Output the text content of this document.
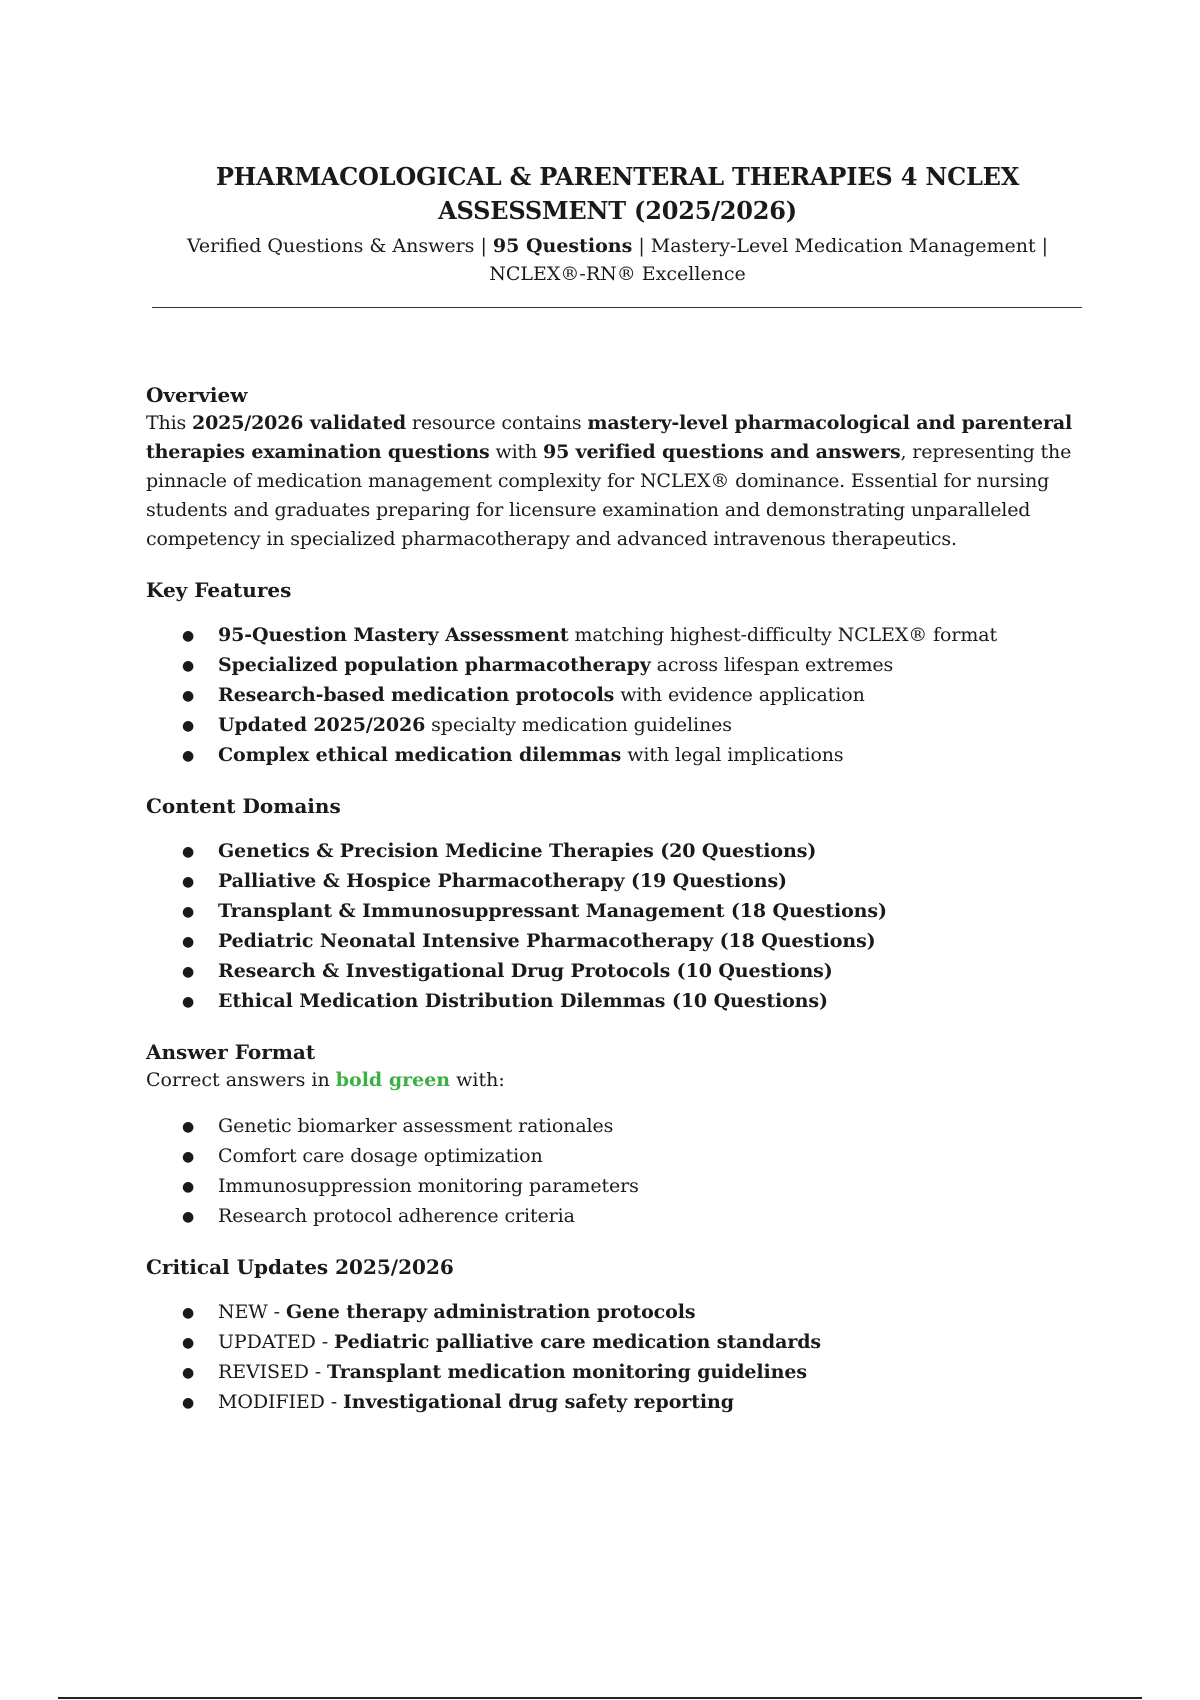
PHARMACOLOGICAL & PARENTERAL THERAPIES 4 NCLEX ASSESSMENT (2025/2026)

Verified Questions & Answers | 95 Questions | Mastery-Level Medication Management | NCLEX®-RN® Excellence

Overview

This 2025/2026 validated resource contains mastery-level pharmacological and parenteral therapies examination questions with 95 verified questions and answers, representing the pinnacle of medication management complexity for NCLEX® dominance. Essential for nursing students and graduates preparing for licensure examination and demonstrating unparalleled competency in specialized pharmacotherapy and advanced intravenous therapeutics.

Key Features
● 95-Question Mastery Assessment matching highest-difficulty NCLEX® format
● Specialized population pharmacotherapy across lifespan extremes
● Research-based medication protocols with evidence application
● Updated 2025/2026 specialty medication guidelines
● Complex ethical medication dilemmas with legal implications
Content Domains
● Genetics & Precision Medicine Therapies (20 Questions)
● Palliative & Hospice Pharmacotherapy (19 Questions)
● Transplant & Immunosuppressant Management (18 Questions)
● Pediatric Neonatal Intensive Pharmacotherapy (18 Questions)
● Research & Investigational Drug Protocols (10 Questions)
● Ethical Medication Distribution Dilemmas (10 Questions)
Answer Format

Correct answers in bold green with:

● Genetic biomarker assessment rationales
● Comfort care dosage optimization
● Immunosuppression monitoring parameters
● Research protocol adherence criteria
Critical Updates 2025/2026
● NEW - Gene therapy administration protocols
● UPDATED - Pediatric palliative care medication standards
● REVISED - Transplant medication monitoring guidelines
● MODIFIED - Investigational drug safety reporting
